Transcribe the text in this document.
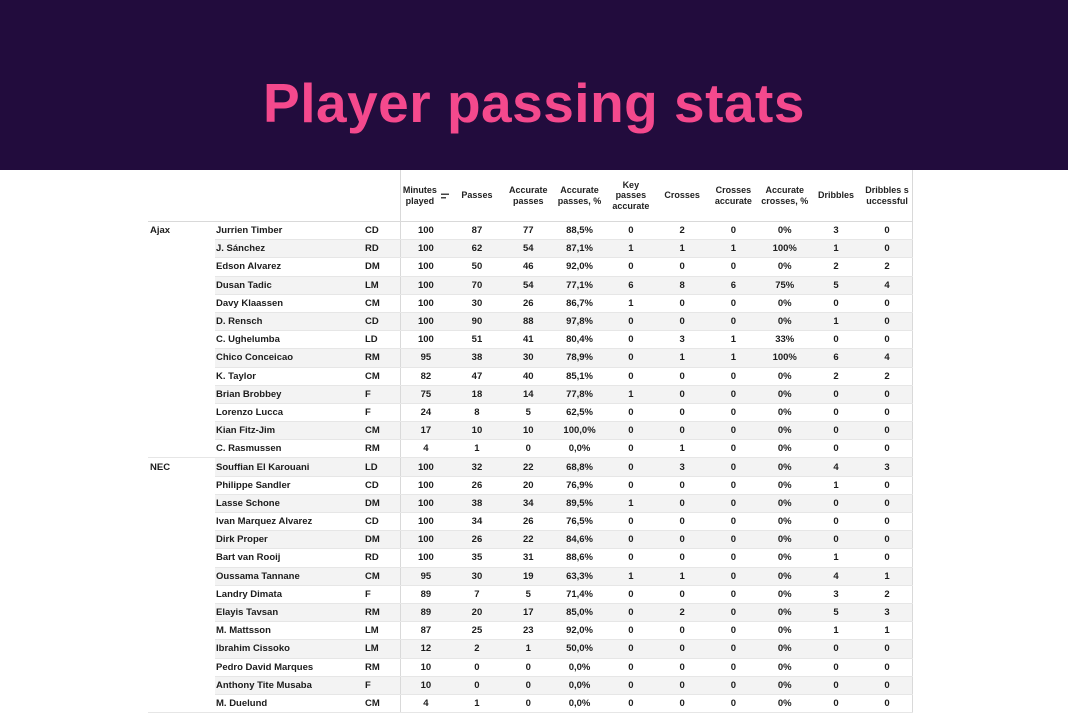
Player passing stats

			Minutes played	Passes	Accurate passes	Accurate passes, %	Key passes accurate	Crosses	Crosses accurate	Accurate crosses, %	Dribbles	Dribbles successful

Ajax	Jurrien Timber	CD	100	87	77	88,5%	0	2	0	0%	3	0
	J. Sánchez	RD	100	62	54	87,1%	1	1	1	100%	1	0
	Edson Alvarez	DM	100	50	46	92,0%	0	0	0	0%	2	2
	Dusan Tadic	LM	100	70	54	77,1%	6	8	6	75%	5	4
	Davy Klaassen	CM	100	30	26	86,7%	1	0	0	0%	0	0
	D. Rensch	CD	100	90	88	97,8%	0	0	0	0%	1	0
	C. Ughelumba	LD	100	51	41	80,4%	0	3	1	33%	0	0
	Chico Conceicao	RM	95	38	30	78,9%	0	1	1	100%	6	4
	K. Taylor	CM	82	47	40	85,1%	0	0	0	0%	2	2
	Brian Brobbey	F	75	18	14	77,8%	1	0	0	0%	0	0
	Lorenzo Lucca	F	24	8	5	62,5%	0	0	0	0%	0	0
	Kian Fitz-Jim	CM	17	10	10	100,0%	0	0	0	0%	0	0
	C. Rasmussen	RM	4	1	0	0,0%	0	1	0	0%	0	0
NEC	Souffian El Karouani	LD	100	32	22	68,8%	0	3	0	0%	4	3
	Philippe Sandler	CD	100	26	20	76,9%	0	0	0	0%	1	0
	Lasse Schone	DM	100	38	34	89,5%	1	0	0	0%	0	0
	Ivan Marquez Alvarez	CD	100	34	26	76,5%	0	0	0	0%	0	0
	Dirk Proper	DM	100	26	22	84,6%	0	0	0	0%	0	0
	Bart van Rooij	RD	100	35	31	88,6%	0	0	0	0%	1	0
	Oussama Tannane	CM	95	30	19	63,3%	1	1	0	0%	4	1
	Landry Dimata	F	89	7	5	71,4%	0	0	0	0%	3	2
	Elayis Tavsan	RM	89	20	17	85,0%	0	2	0	0%	5	3
	M. Mattsson	LM	87	25	23	92,0%	0	0	0	0%	1	1
	Ibrahim Cissoko	LM	12	2	1	50,0%	0	0	0	0%	0	0
	Pedro David Marques	RM	10	0	0	0,0%	0	0	0	0%	0	0
	Anthony Tite Musaba	F	10	0	0	0,0%	0	0	0	0%	0	0
	M. Duelund	CM	4	1	0	0,0%	0	0	0	0%	0	0
